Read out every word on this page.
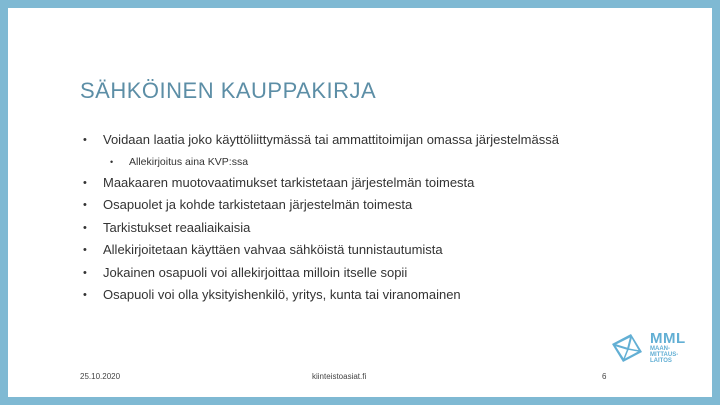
SÄHKÖINEN KAUPPAKIRJA
• Voidaan laatia joko käyttöliittymässä tai ammattitoimijan omassa järjestelmässä
• Allekirjoitus aina KVP:ssa
• Maakaaren muotovaatimukset tarkistetaan järjestelmän toimesta
• Osapuolet ja kohde tarkistetaan järjestelmän toimesta
• Tarkistukset reaaliaikaisia
• Allekirjoitetaan käyttäen vahvaa sähköistä tunnistautumista
• Jokainen osapuoli voi allekirjoittaa milloin itselle sopii
• Osapuoli voi olla yksityishenkilö, yritys, kunta tai viranomainen
25.10.2020	kiinteistoasiat.fi	6
MML
MAAN-
MITTAUS-
LAITOS
